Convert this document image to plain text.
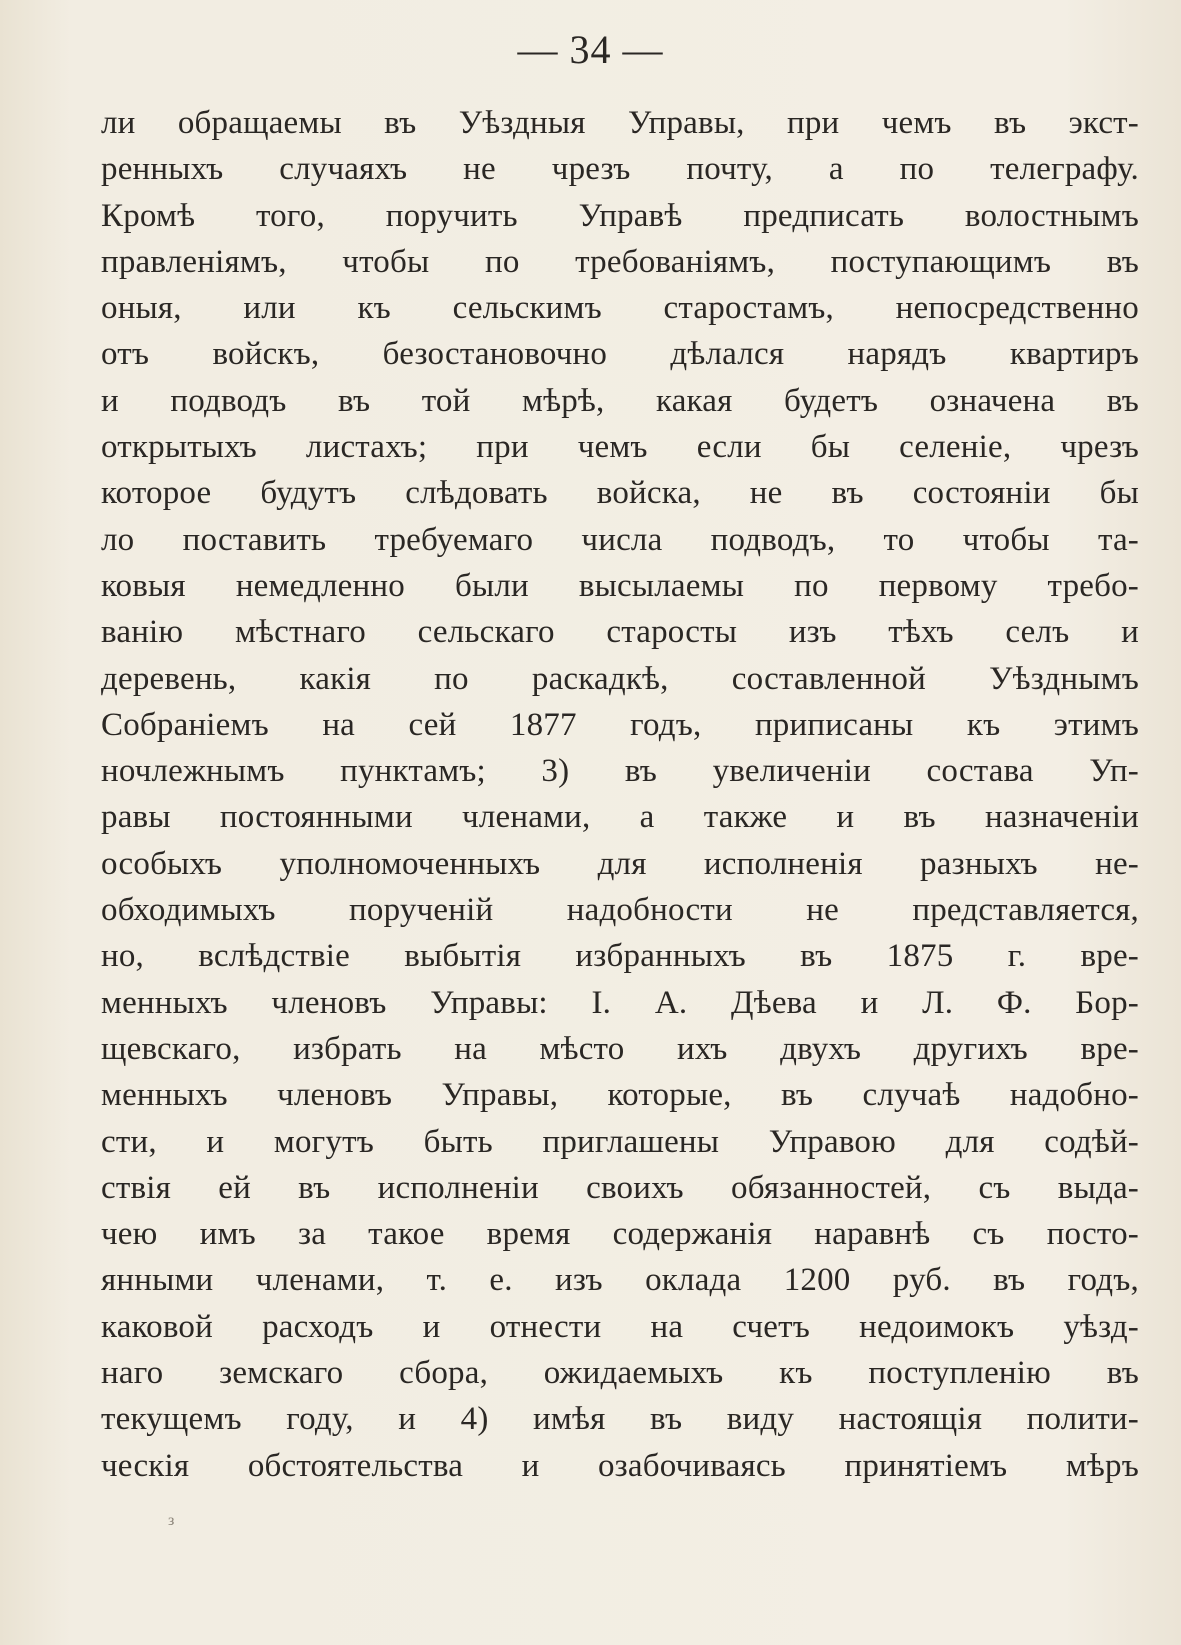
— 34 —
ли обращаемы въ Уѣздныя Управы, при чемъ въ экст-
ренныхъ случаяхъ не чрезъ почту, а по телеграфу.
Кромѣ того, поручить Управѣ предписать волостнымъ
правленіямъ, чтобы по требованіямъ, поступающимъ въ
оныя, или къ сельскимъ старостамъ, непосредственно
отъ войскъ, безостановочно дѣлался нарядъ квартиръ
и подводъ въ той мѣрѣ, какая будетъ означена въ
открытыхъ листахъ; при чемъ если бы селеніе, чрезъ
которое будутъ слѣдовать войска, не въ состояніи бы
ло поставить требуемаго числа подводъ, то чтобы та-
ковыя немедленно были высылаемы по первому требо-
ванію мѣстнаго сельскаго старосты изъ тѣхъ селъ и
деревень, какія по раскадкѣ, составленной Уѣзднымъ
Собраніемъ на сей 1877 годъ, приписаны къ этимъ
ночлежнымъ пунктамъ; 3) въ увеличеніи состава Уп-
равы постоянными членами, а также и въ назначеніи
особыхъ уполномоченныхъ для исполненія разныхъ не-
обходимыхъ порученій надобности не представляется,
но, вслѣдствіе выбытія избранныхъ въ 1875 г. вре-
менныхъ членовъ Управы: І. А. Дѣева и Л. Ф. Бор-
щевскаго, избрать на мѣсто ихъ двухъ другихъ вре-
менныхъ членовъ Управы, которые, въ случаѣ надобно-
сти, и могутъ быть приглашены Управою для содѣй-
ствія ей въ исполненіи своихъ обязанностей, съ выда-
чею имъ за такое время содержанія наравнѣ съ посто-
янными членами, т. е. изъ оклада 1200 руб. въ годъ,
каковой расходъ и отнести на счетъ недоимокъ уѣзд-
наго земскаго сбора, ожидаемыхъ къ поступленію въ
текущемъ году, и 4) имѣя въ виду настоящія полити-
ческія обстоятельства и озабочиваясь принятіемъ мѣръ
з
